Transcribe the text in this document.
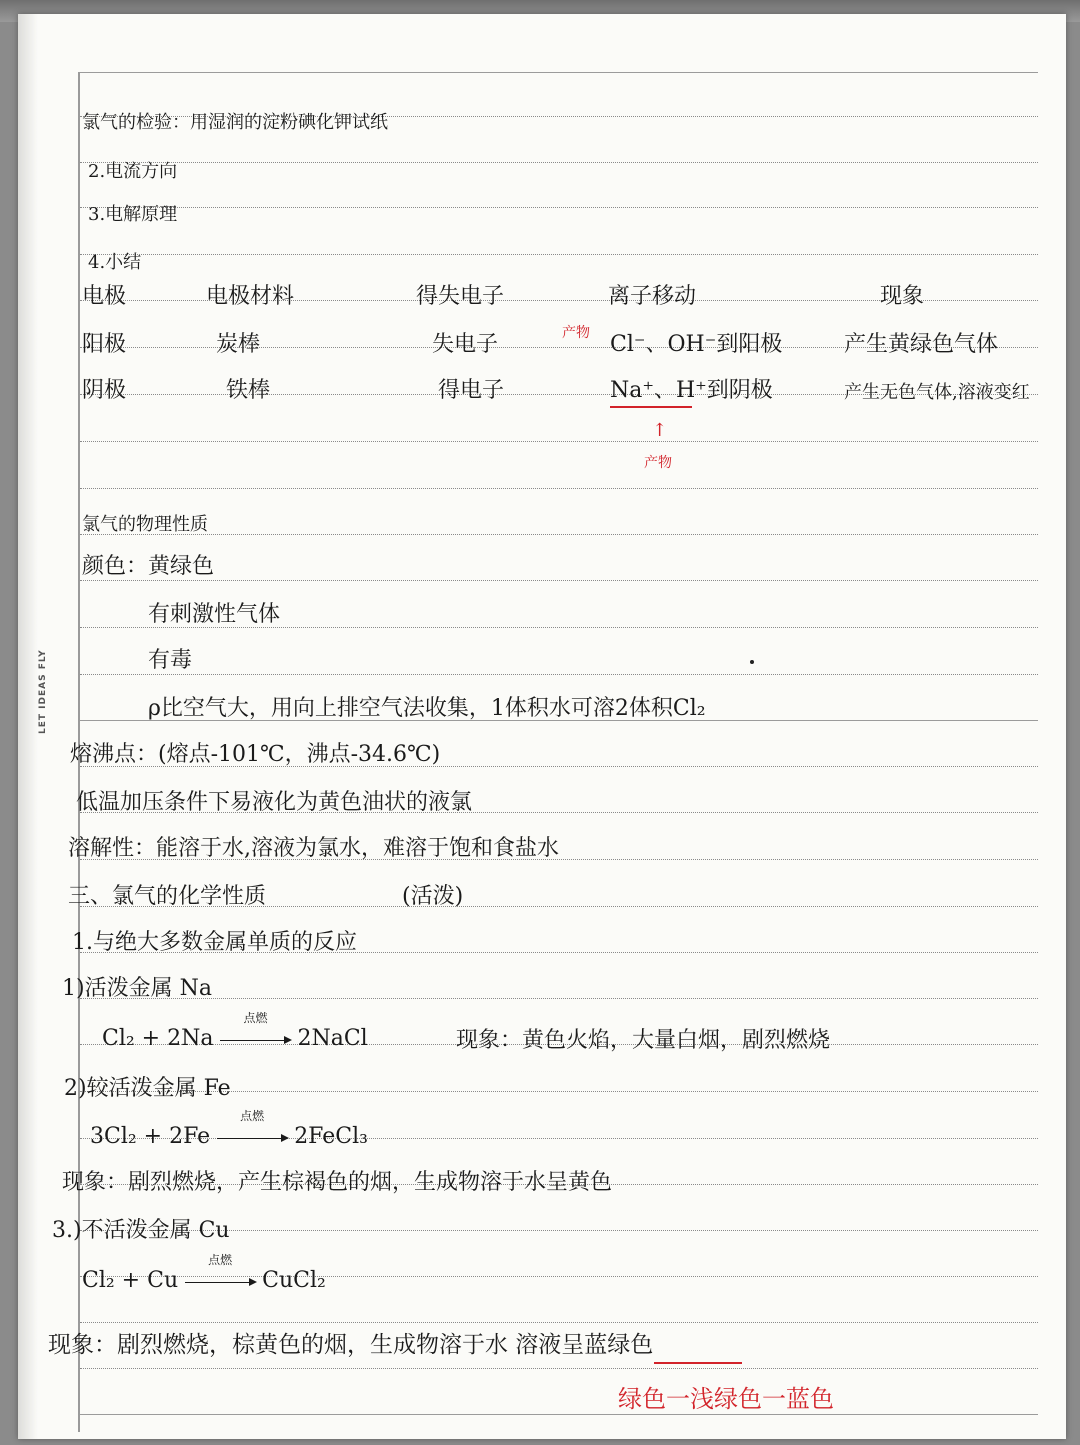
LET IDEAS FLY
氯气的检验：用湿润的淀粉碘化钾试纸
2.电流方向
3.电解原理
4.小结
电极	电极材料	得失电子	离子移动	现象
产物
阳极	炭棒	失电子	Cl⁻、OH⁻到阳极	产生黄绿色气体
阴极	铁棒	得电子	Na⁺、H⁺到阴极	产生无色气体,溶液变红
↑
产物
氯气的物理性质
颜色：黄绿色
有刺激性气体
有毒
ρ比空气大，用向上排空气法收集，1体积水可溶2体积Cl₂
熔沸点：(熔点-101℃，沸点-34.6℃)
低温加压条件下易液化为黄色油状的液氯
溶解性：能溶于水,溶液为氯水，难溶于饱和食盐水
三、氯气的化学性质	(活泼)
1.与绝大多数金属单质的反应
1)活泼金属 Na
Cl₂ + 2Na
点燃
2NaCl	现象：黄色火焰，大量白烟，剧烈燃烧
2)较活泼金属 Fe
3Cl₂ + 2Fe
点燃
2FeCl₃
现象：剧烈燃烧，产生棕褐色的烟，生成物溶于水呈黄色
3.)不活泼金属 Cu
Cl₂ + Cu
点燃
CuCl₂
现象：剧烈燃烧，棕黄色的烟，生成物溶于水 溶液呈蓝绿色
绿色一浅绿色一蓝色
